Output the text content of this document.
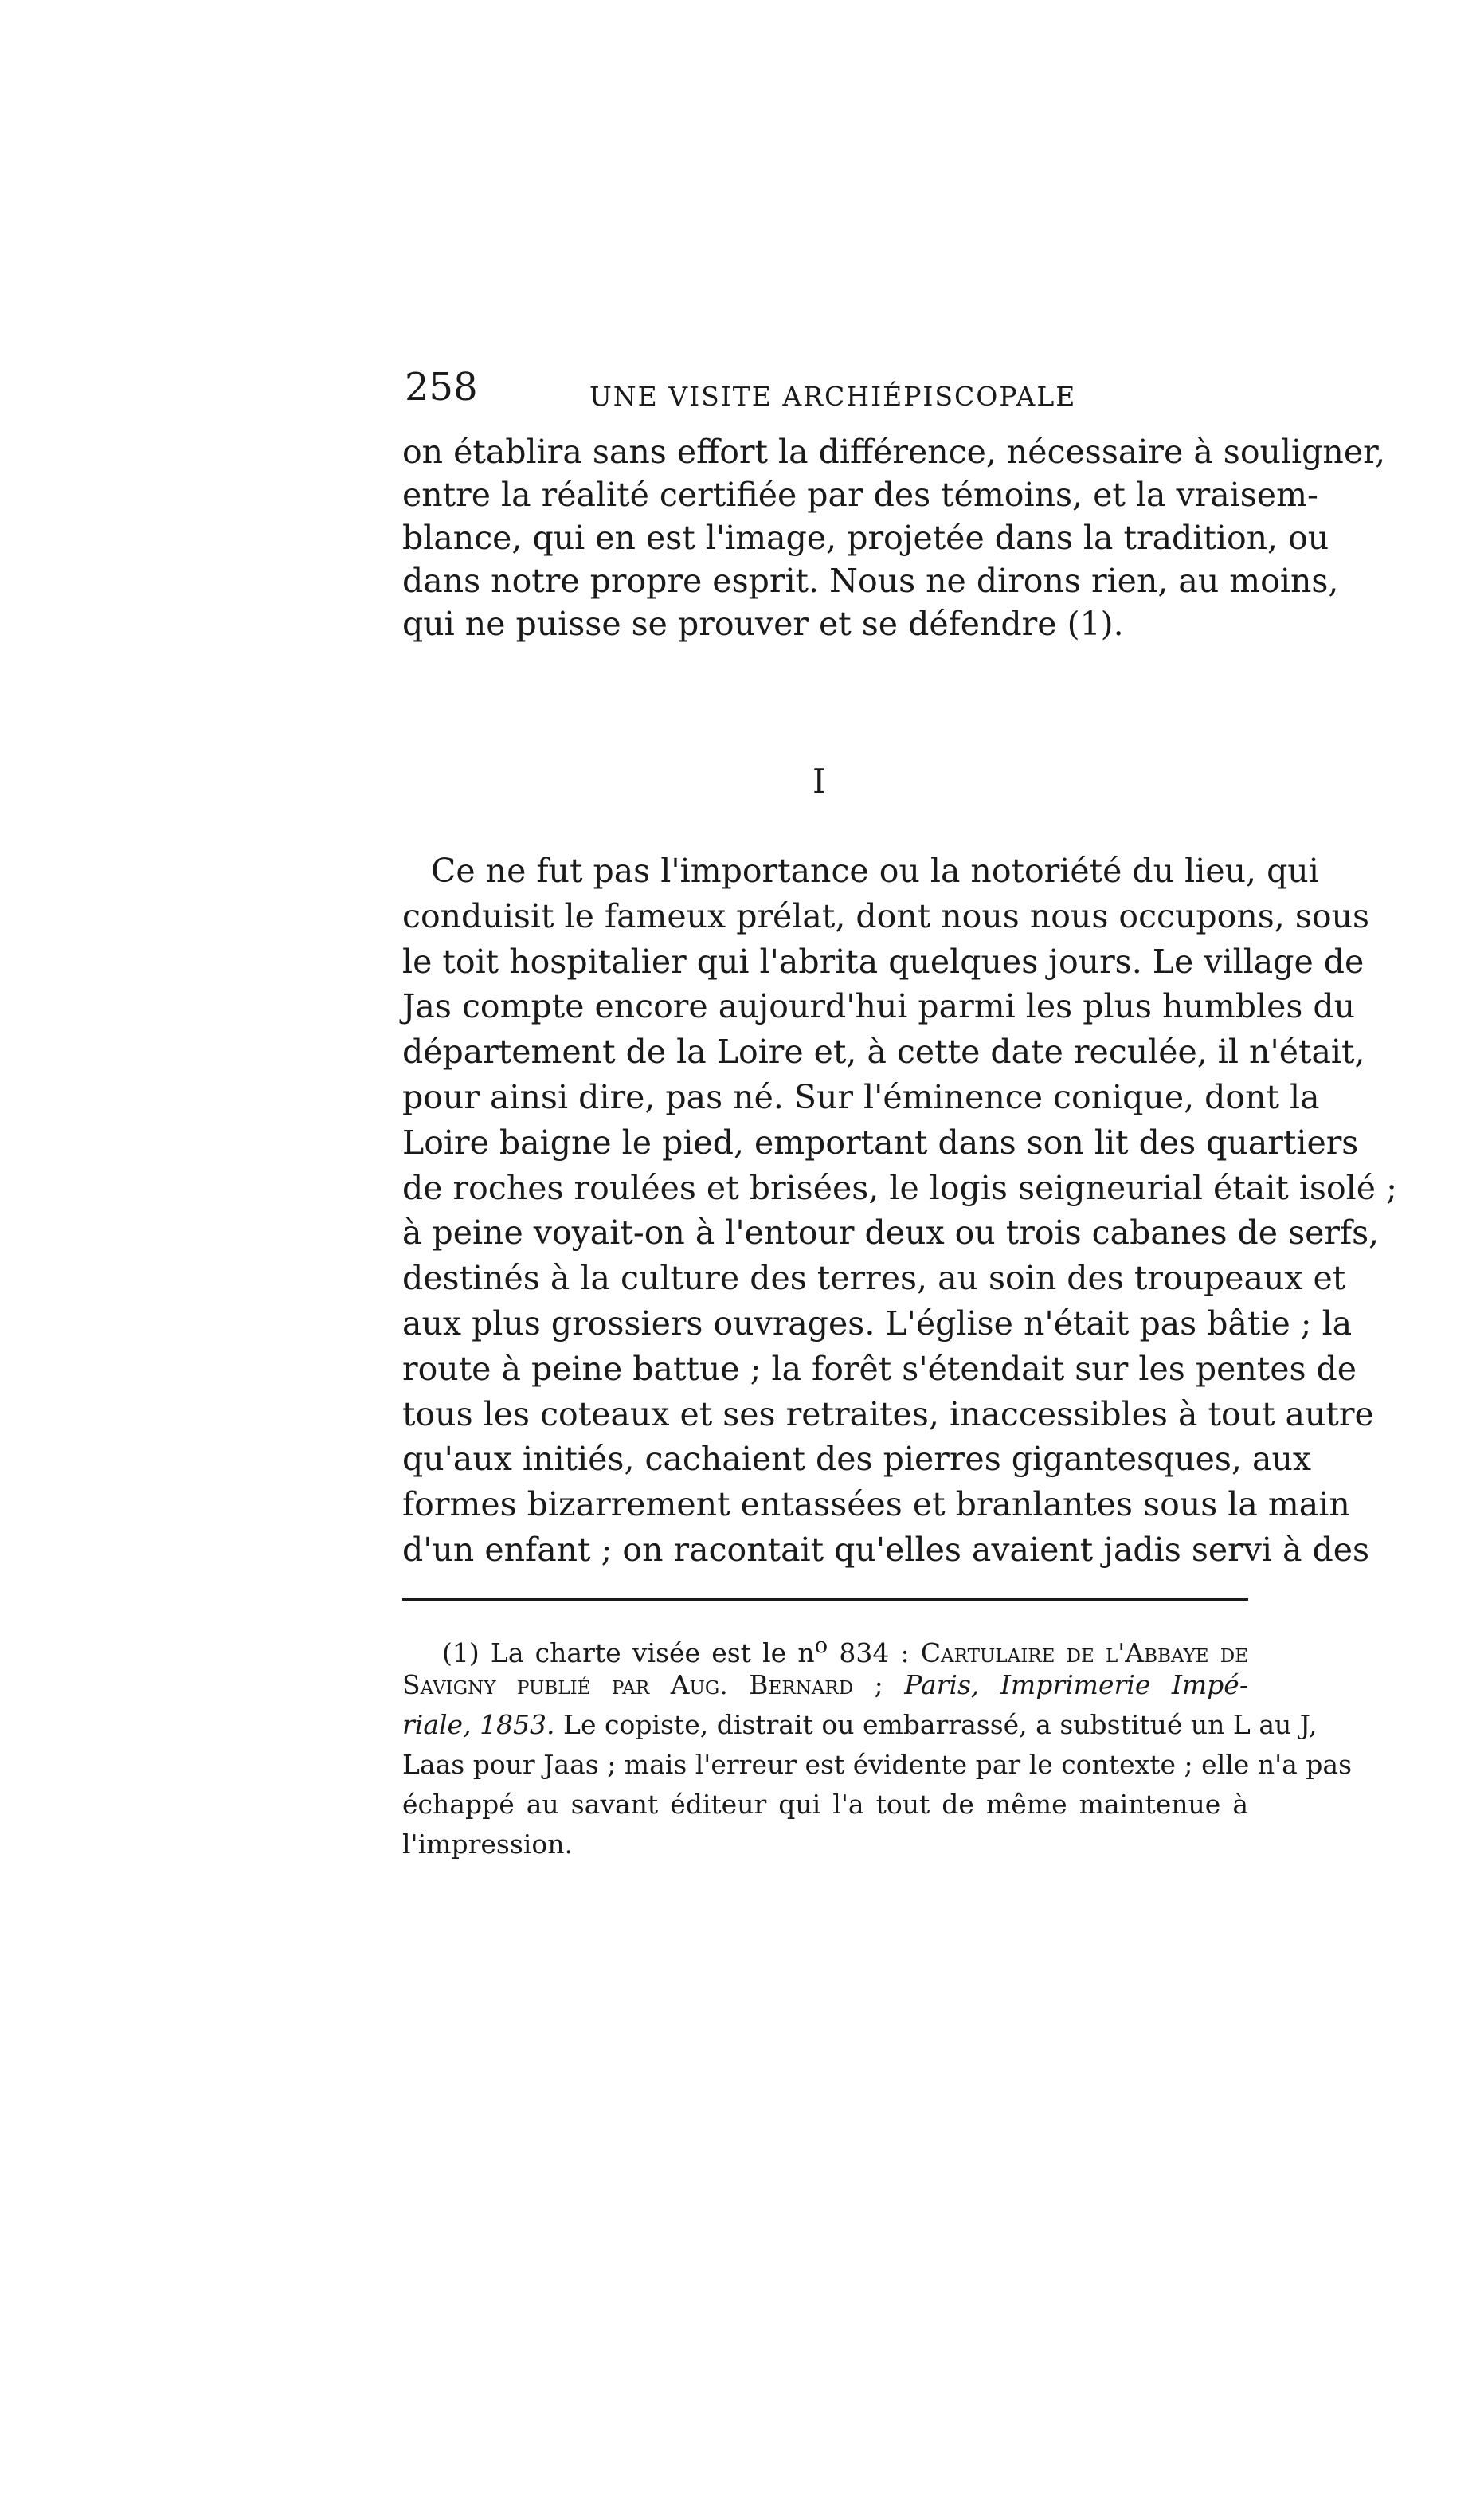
258	UNE VISITE ARCHIÉPISCOPALE
on établira sans effort la différence, nécessaire à souligner,
entre la réalité certifiée par des témoins, et la vraisem-
blance, qui en est l'image, projetée dans la tradition, ou
dans notre propre esprit. Nous ne dirons rien, au moins,
qui ne puisse se prouver et se défendre (1).
I
Ce ne fut pas l'importance ou la notoriété du lieu, qui
conduisit le fameux prélat, dont nous nous occupons, sous
le toit hospitalier qui l'abrita quelques jours. Le village de
Jas compte encore aujourd'hui parmi les plus humbles du
département de la Loire et, à cette date reculée, il n'était,
pour ainsi dire, pas né. Sur l'éminence conique, dont la
Loire baigne le pied, emportant dans son lit des quartiers
de roches roulées et brisées, le logis seigneurial était isolé ;
à peine voyait-on à l'entour deux ou trois cabanes de serfs,
destinés à la culture des terres, au soin des troupeaux et
aux plus grossiers ouvrages. L'église n'était pas bâtie ; la
route à peine battue ; la forêt s'étendait sur les pentes de
tous les coteaux et ses retraites, inaccessibles à tout autre
qu'aux initiés, cachaient des pierres gigantesques, aux
formes bizarrement entassées et branlantes sous la main
d'un enfant ; on racontait qu'elles avaient jadis servi à des
(1) La charte visée est le $n^o$ 834 : Cartulaire de l'Abbaye de
Savigny publié par Aug. Bernard ; Paris, Imprimerie Impé-
riale, 1853. Le copiste, distrait ou embarrassé, a substitué un L au J,
Laas pour Jaas ; mais l'erreur est évidente par le contexte ; elle n'a pas
échappé au savant éditeur qui l'a tout de même maintenue à
l'impression.
